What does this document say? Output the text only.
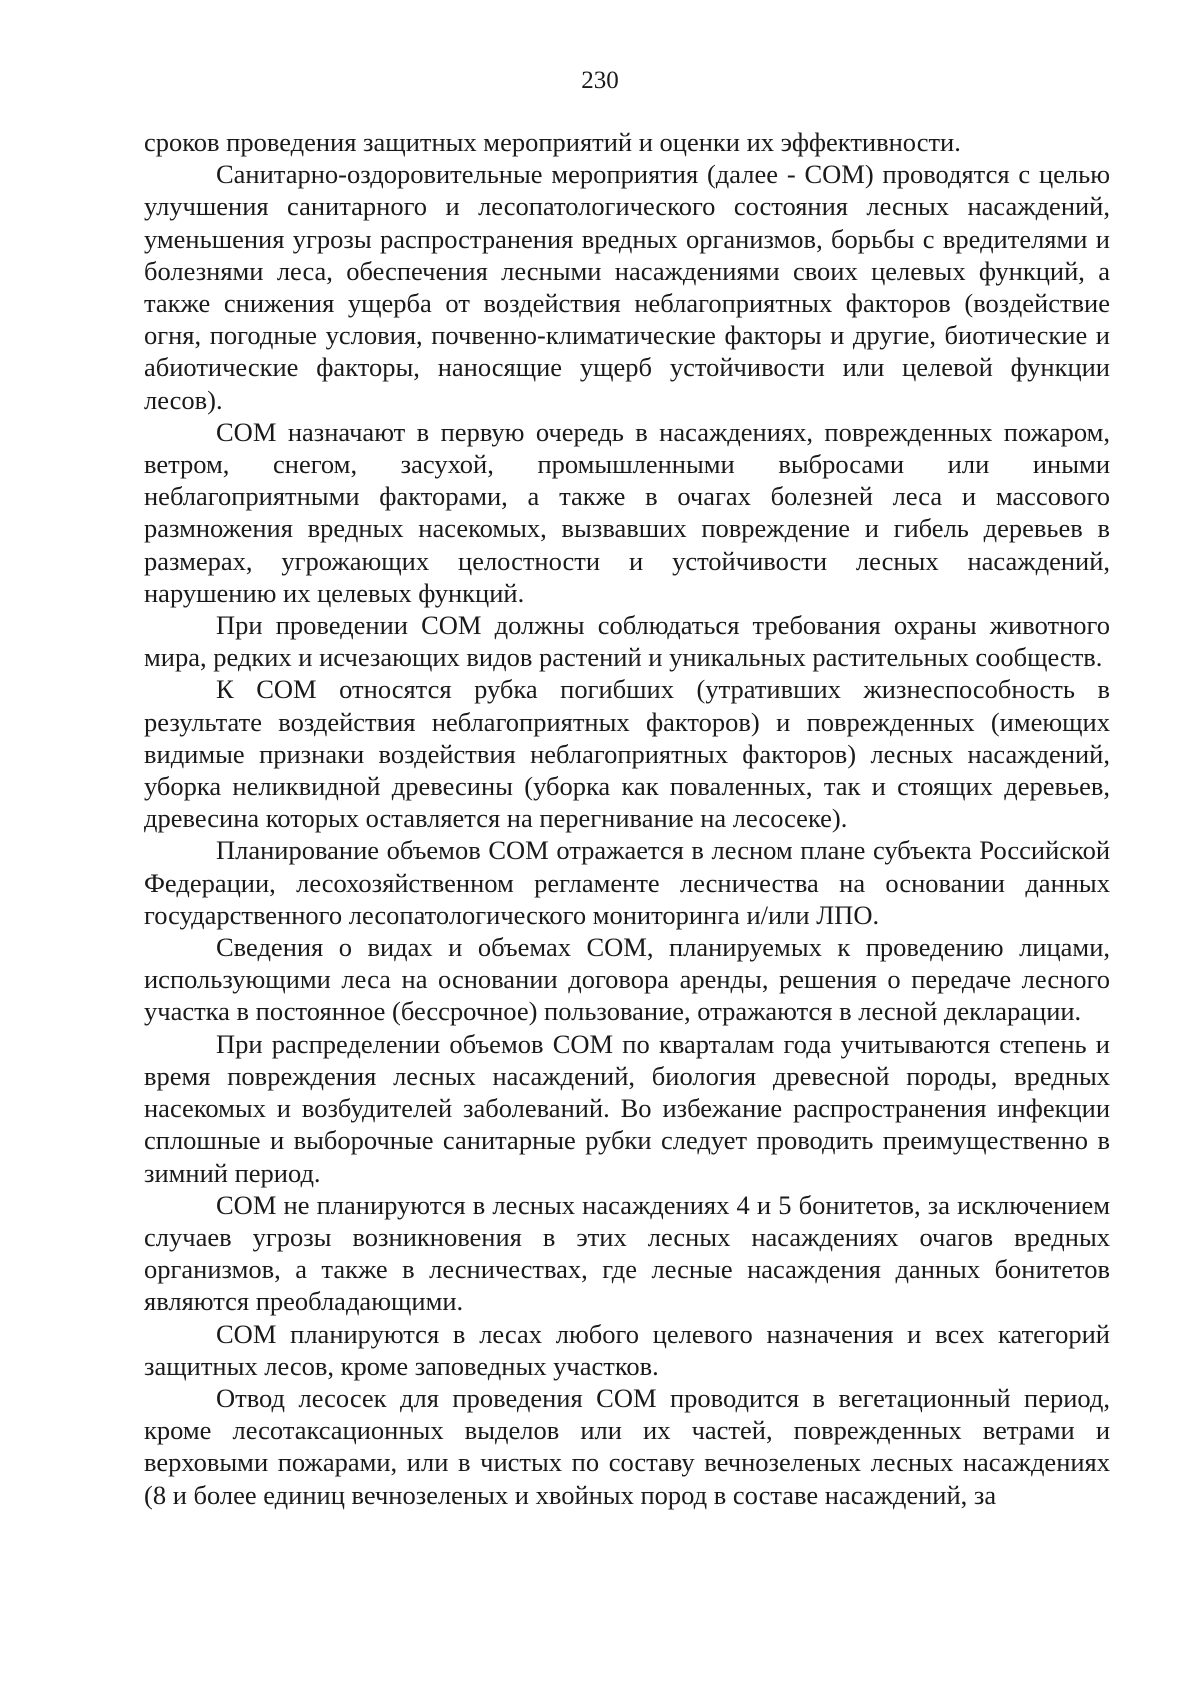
230

сроков проведения защитных мероприятий и оценки их эффективности.

Санитарно-оздоровительные мероприятия (далее - СОМ) проводятся с целью улучшения санитарного и лесопатологического состояния лесных насаждений, уменьшения угрозы распространения вредных организмов, борьбы с вредителями и болезнями леса, обеспечения лесными насаждениями своих целевых функций, а также снижения ущерба от воздействия неблагоприятных факторов (воздействие огня, погодные условия, почвенно-климатические факторы и другие, биотические и абиотические факторы, наносящие ущерб устойчивости или целевой функции лесов).

СОМ назначают в первую очередь в насаждениях, поврежденных пожаром, ветром, снегом, засухой, промышленными выбросами или иными неблагоприятными факторами, а также в очагах болезней леса и массового размножения вредных насекомых, вызвавших повреждение и гибель деревьев в размерах, угрожающих целостности и устойчивости лесных насаждений, нарушению их целевых функций.

При проведении СОМ должны соблюдаться требования охраны животного мира, редких и исчезающих видов растений и уникальных растительных сообществ.

К СОМ относятся рубка погибших (утративших жизнеспособность в результате воздействия неблагоприятных факторов) и поврежденных (имеющих видимые признаки воздействия неблагоприятных факторов) лесных насаждений, уборка неликвидной древесины (уборка как поваленных, так и стоящих деревьев, древесина которых оставляется на перегнивание на лесосеке).

Планирование объемов СОМ отражается в лесном плане субъекта Российской Федерации, лесохозяйственном регламенте лесничества на основании данных государственного лесопатологического мониторинга и/или ЛПО.

Сведения о видах и объемах СОМ, планируемых к проведению лицами, использующими леса на основании договора аренды, решения о передаче лесного участка в постоянное (бессрочное) пользование, отражаются в лесной декларации.

При распределении объемов СОМ по кварталам года учитываются степень и время повреждения лесных насаждений, биология древесной породы, вредных насекомых и возбудителей заболеваний. Во избежание распространения инфекции сплошные и выборочные санитарные рубки следует проводить преимущественно в зимний период.

СОМ не планируются в лесных насаждениях 4 и 5 бонитетов, за исключением случаев угрозы возникновения в этих лесных насаждениях очагов вредных организмов, а также в лесничествах, где лесные насаждения данных бонитетов являются преобладающими.

СОМ планируются в лесах любого целевого назначения и всех категорий защитных лесов, кроме заповедных участков.

Отвод лесосек для проведения СОМ проводится в вегетационный период, кроме лесотаксационных выделов или их частей, поврежденных ветрами и верховыми пожарами, или в чистых по составу вечнозеленых лесных насаждениях (8 и более единиц вечнозеленых и хвойных пород в составе насаждений, за
